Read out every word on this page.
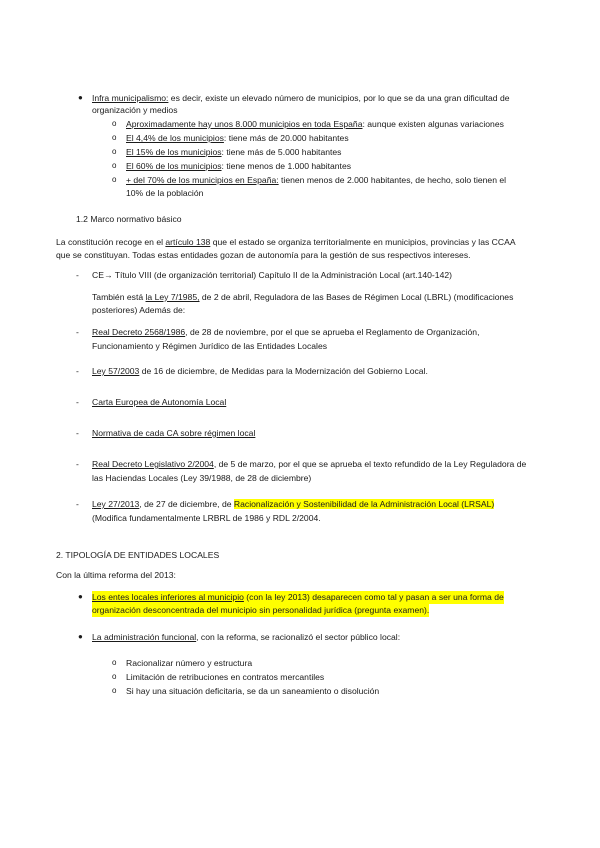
● Infra municipalismo: es decir, existe un elevado número de municipios, por lo que se da una gran dificultad de
organización y medios
o Aproximadamente hay unos 8.000 municipios en toda España: aunque existen algunas variaciones
o El 4,4% de los municipios: tiene más de 20.000 habitantes
o El 15% de los municipios: tiene más de 5.000 habitantes
o El 60% de los municipios: tiene menos de 1.000 habitantes
o + del 70% de los municipios en España: tienen menos de 2.000 habitantes, de hecho, solo tienen el
10% de la población
1.2 Marco normativo básico
La constitución recoge en el artículo 138 que el estado se organiza territorialmente en municipios, provincias y las CCAA
que se constituyan. Todas estas entidades gozan de autonomía para la gestión de sus respectivos intereses.
- CE→ Título VIII (de organización territorial) Capítulo II de la Administración Local (art.140-142)
También está la Ley 7/1985, de 2 de abril, Reguladora de las Bases de Régimen Local (LBRL) (modificaciones
posteriores) Además de:
- Real Decreto 2568/1986, de 28 de noviembre, por el que se aprueba el Reglamento de Organización,
Funcionamiento y Régimen Jurídico de las Entidades Locales
- Ley 57/2003 de 16 de diciembre, de Medidas para la Modernización del Gobierno Local.
- Carta Europea de Autonomía Local
- Normativa de cada CA sobre régimen local
- Real Decreto Legislativo 2/2004, de 5 de marzo, por el que se aprueba el texto refundido de la Ley Reguladora de
las Haciendas Locales (Ley 39/1988, de 28 de diciembre)
- Ley 27/2013, de 27 de diciembre, de Racionalización y Sostenibilidad de la Administración Local (LRSAL)
(Modifica fundamentalmente LRBRL de 1986 y RDL 2/2004.
2. TIPOLOGÍA DE ENTIDADES LOCALES
Con la última reforma del 2013:
● Los entes locales inferiores al municipio (con la ley 2013) desaparecen como tal y pasan a ser una forma de
organización desconcentrada del municipio sin personalidad jurídica (pregunta examen).
● La administración funcional, con la reforma, se racionalizó el sector público local:
o Racionalizar número y estructura
o Limitación de retribuciones en contratos mercantiles
o Si hay una situación deficitaria, se da un saneamiento o disolución
